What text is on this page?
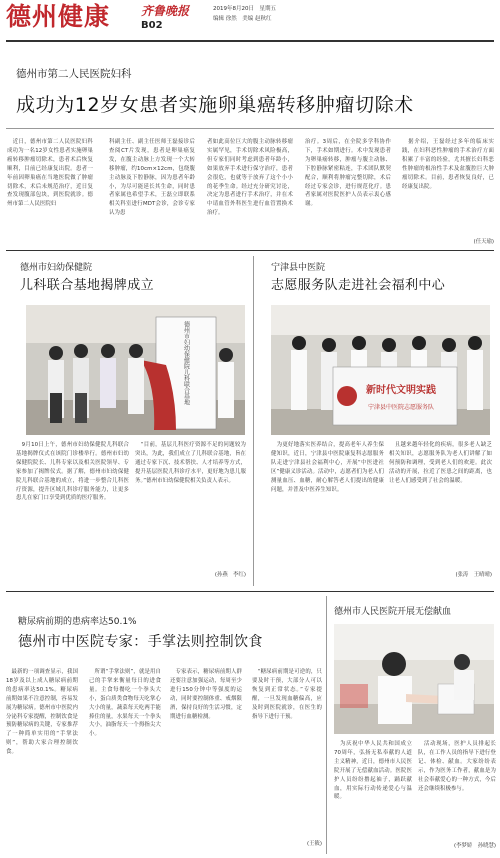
德州健康	齐鲁晚报
B02
2019年8月20日　星期五
编辑 徐然　美编 赵秋红
德州市第二人民医院妇科
成功为12岁女患者实施卵巢癌转移肿瘤切除术
　近日，德州市第二人民医院妇科成功为一名12岁女性患者实施卵巢癌转移肿瘤切除术，患者术后恢复顺利，目前已经康复出院。患者一年前因卵巢癌在当地医院做了肿瘤切除术，术后未规范治疗，近日复查发现腹部包块，到医院就诊。德州市第二人民医院妇
科副主任、副主任医师王磊接诊后查阅CT片发现，患者是卵巢癌复发，在腹主动脉上方发现一个大转移肿瘤，约10cm×12cm，包绕腹主动脉及下腔静脉，因为患者年龄小，为尽可能延长其生命，同时患者家属也希望手术，王磊立即联系相关科室进行MDT会诊，会诊专家认为患
者如此高位巨大的腹主动脉转移瘤实属罕见，手术切除术风险极高，但专家们同时考虑到患者年龄小，如果放弃手术进行保守治疗，患者会很危，也就等于放弃了这个小小的花季生命。经过充分研究讨论，决定为患者进行手术治疗，并在术中请血管外科医生进行血管置换术治疗。
治疗。3周后，在全院多学科协作下，手术如期进行。术中发现患者为卵巢癌转移，肿瘤与腹主动脉、下腔静脉紧密粘连，手术团队默契配合，顺利将肿瘤完整切除，术后经过专家会诊，进行规范化疗。患者家属对医院医护人员表示衷心感谢。
　据介绍，王磊经过多年的临床实践，在妇科恶性肿瘤的手术治疗方面积累了丰富的经验，尤其擅长妇科恶性肿瘤的根治性手术及盆腹腔巨大肿瘤切除术。目前，患者恢复良好，已经康复出院。
(任天瑜)
德州市妇幼保健院
儿科联合基地揭牌成立
德州市妇幼保健院儿科联合基地
　9月10日上午，德州市妇幼保健院儿科联合基地揭牌仪式在该院门诊楼举行。德州市妇幼保健院院长、儿科专家以及相关医院领导、专家参加了揭牌仪式。据了解，德州市妇幼保健院儿科联合基地的成立，将进一步整合儿科医疗资源，提升区域儿科诊疗服务能力，让更多患儿在家门口享受到优质的医疗服务。
　“目前，基层儿科医疗资源不足的问题较为突出，为此，我们成立了儿科联合基地，旨在通过专家下沉、技术帮扶、人才培养等方式，提升基层医院儿科诊疗水平，更好地为患儿服务。”德州市妇幼保健院相关负责人表示。
(孙燕　李红)
宁津县中医院
志愿服务队走进社会福利中心
新时代文明实践
宁津县中医院志愿服务队
　为更好地落实医养结合，提高老年人养生保健知识，近日，宁津县中医院康复科志愿服务队走进宁津县社会福利中心，开展“中医进社区”健康义诊活动。活动中，志愿者们为老人们测量血压、血糖，耐心解答老人们提出的健康问题，并普及中医养生知识。
　且越来越年轻化的疾病，很多老人缺乏相关知识，志愿服务队为老人们讲解了如何预防和调理，受到老人们的欢迎。此次活动的开展，拉近了医患之间的距离，也让老人们感受到了社会的温暖。
(张涛　王晴晴)
糖尿病前期的患病率达50.1%
德州市中医院专家：手掌法则控制饮食
　最新的一项调查显示，我国18岁及以上成人糖尿病前期的患病率达50.1%。糖尿病前期如果不注意控制，容易发展为糖尿病。德州市中医院内分泌科专家提醒，控制饮食是预防糖尿病的关键，专家推荐了一种简单实用的“手掌法则”，帮助大家合理控制饮食。
　所谓“手掌法则”，就是用自己的手掌来衡量每日的进食量。主食每餐吃一个拳头大小，蛋白质类食物每天吃掌心大小的量，蔬菜每天吃两手能捧住的量，水果每天一个拳头大小，油脂每天一个拇指尖大小。
　专家表示，糖尿病前期人群还要注意加强运动，每周至少进行150分钟中等强度的运动，同时要控制体重、戒烟限酒，保持良好的生活习惯，定期进行血糖检测。
　“糖尿病前期是可逆的，只要及时干预，大部分人可以恢复到正常状态。”专家提醒，一旦发现血糖偏高，应及时到医院就诊，在医生的指导下进行干预。
(王筱)
德州市人民医院开展无偿献血
　为庆祝中华人民共和国成立70周年，弘扬无私奉献的人道主义精神，近日，德州市人民医院开展了无偿献血活动。医院医护人员纷纷撸起袖子，踊跃献血，用实际行动传递爱心与温暖。
　活动现场，医护人员排起长队，在工作人员的指导下进行登记、体检、献血。大家纷纷表示，作为医务工作者，献血是为社会奉献爱心的一种方式，今后还会继续积极参与。
(李梦娇　孙晓慧)
